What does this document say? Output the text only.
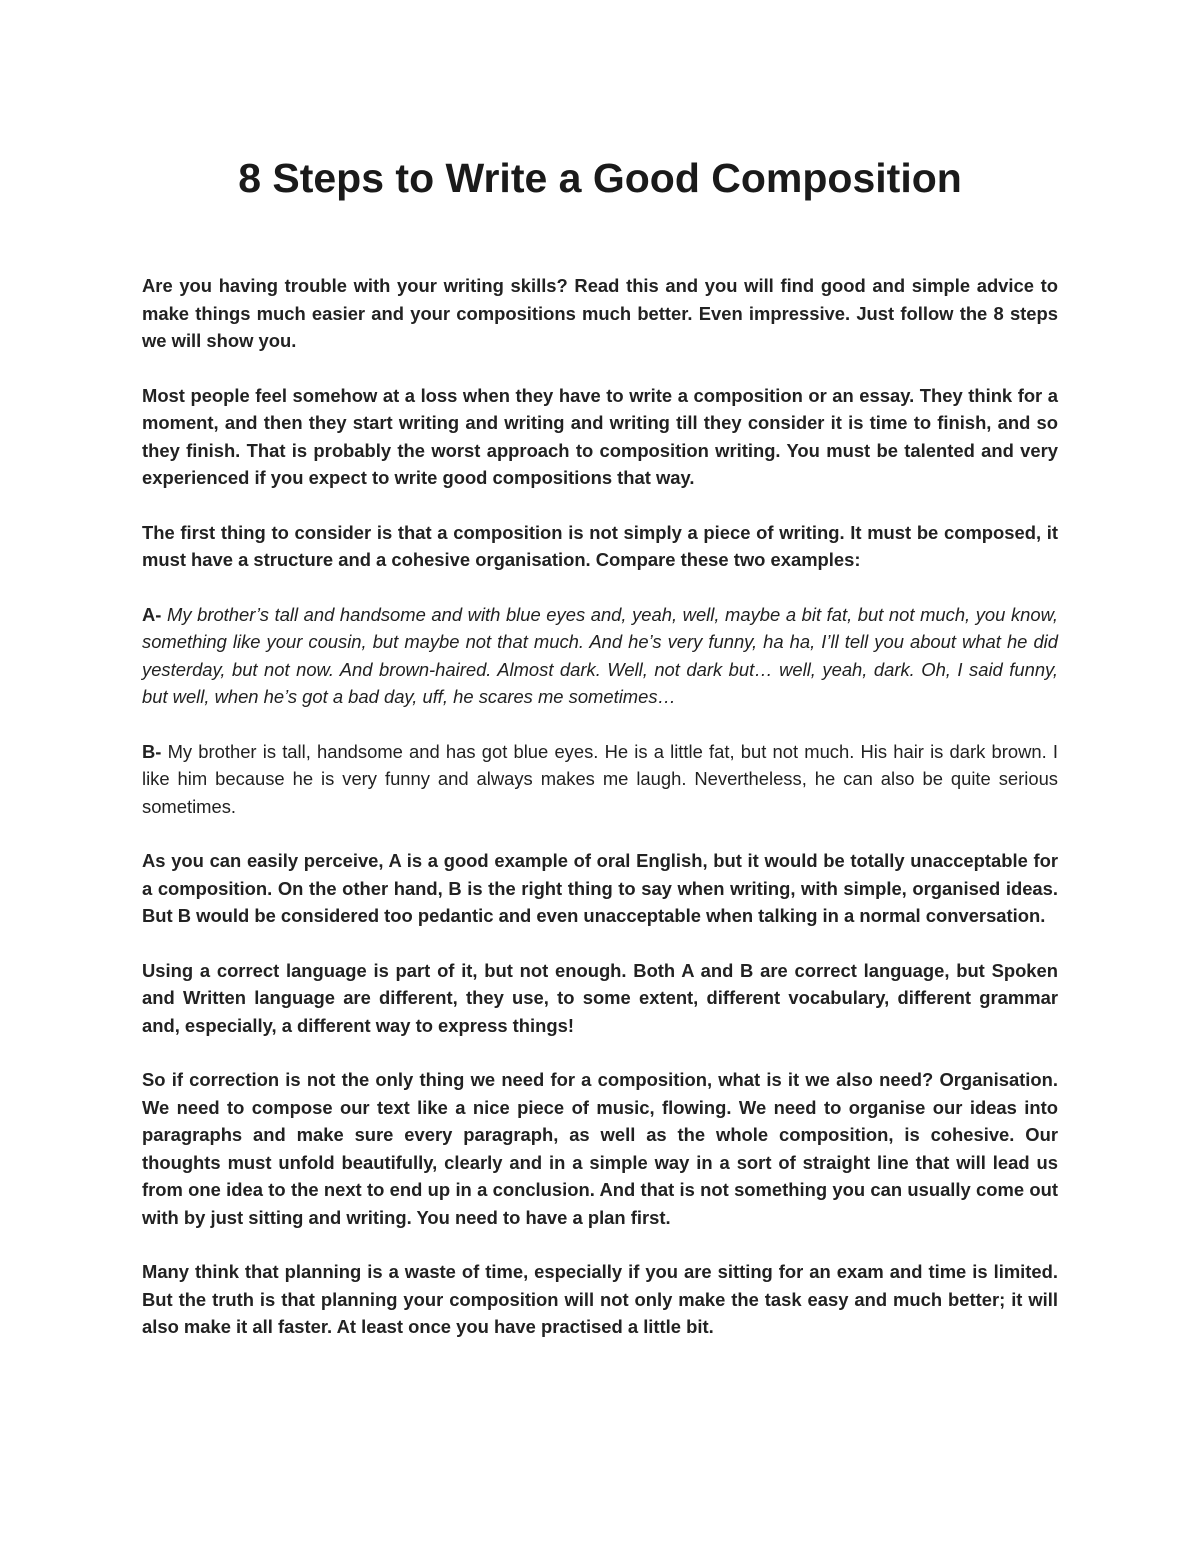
8 Steps to Write a Good Composition

Are you having trouble with your writing skills? Read this and you will find good and simple advice to make things much easier and your compositions much better. Even impressive. Just follow the 8 steps we will show you.

Most people feel somehow at a loss when they have to write a composition or an essay. They think for a moment, and then they start writing and writing and writing till they consider it is time to finish, and so they finish. That is probably the worst approach to composition writing. You must be talented and very experienced if you expect to write good compositions that way.

The first thing to consider is that a composition is not simply a piece of writing. It must be composed, it must have a structure and a cohesive organisation. Compare these two examples:

A- My brother’s tall and handsome and with blue eyes and, yeah, well, maybe a bit fat, but not much, you know, something like your cousin, but maybe not that much. And he’s very funny, ha ha, I’ll tell you about what he did yesterday, but not now. And brown-haired. Almost dark. Well, not dark but… well, yeah, dark. Oh, I said funny, but well, when he’s got a bad day, uff, he scares me sometimes…

B- My brother is tall, handsome and has got blue eyes. He is a little fat, but not much. His hair is dark brown. I like him because he is very funny and always makes me laugh. Nevertheless, he can also be quite serious sometimes.

As you can easily perceive, A is a good example of oral English, but it would be totally unacceptable for a composition. On the other hand, B is the right thing to say when writing, with simple, organised ideas. But B would be considered too pedantic and even unacceptable when talking in a normal conversation.

Using a correct language is part of it, but not enough. Both A and B are correct language, but Spoken and Written language are different, they use, to some extent, different vocabulary, different grammar and, especially, a different way to express things!

So if correction is not the only thing we need for a composition, what is it we also need? Organisation. We need to compose our text like a nice piece of music, flowing. We need to organise our ideas into paragraphs and make sure every paragraph, as well as the whole composition, is cohesive. Our thoughts must unfold beautifully, clearly and in a simple way in a sort of straight line that will lead us from one idea to the next to end up in a conclusion. And that is not something you can usually come out with by just sitting and writing. You need to have a plan first.

Many think that planning is a waste of time, especially if you are sitting for an exam and time is limited. But the truth is that planning your composition will not only make the task easy and much better; it will also make it all faster. At least once you have practised a little bit.
